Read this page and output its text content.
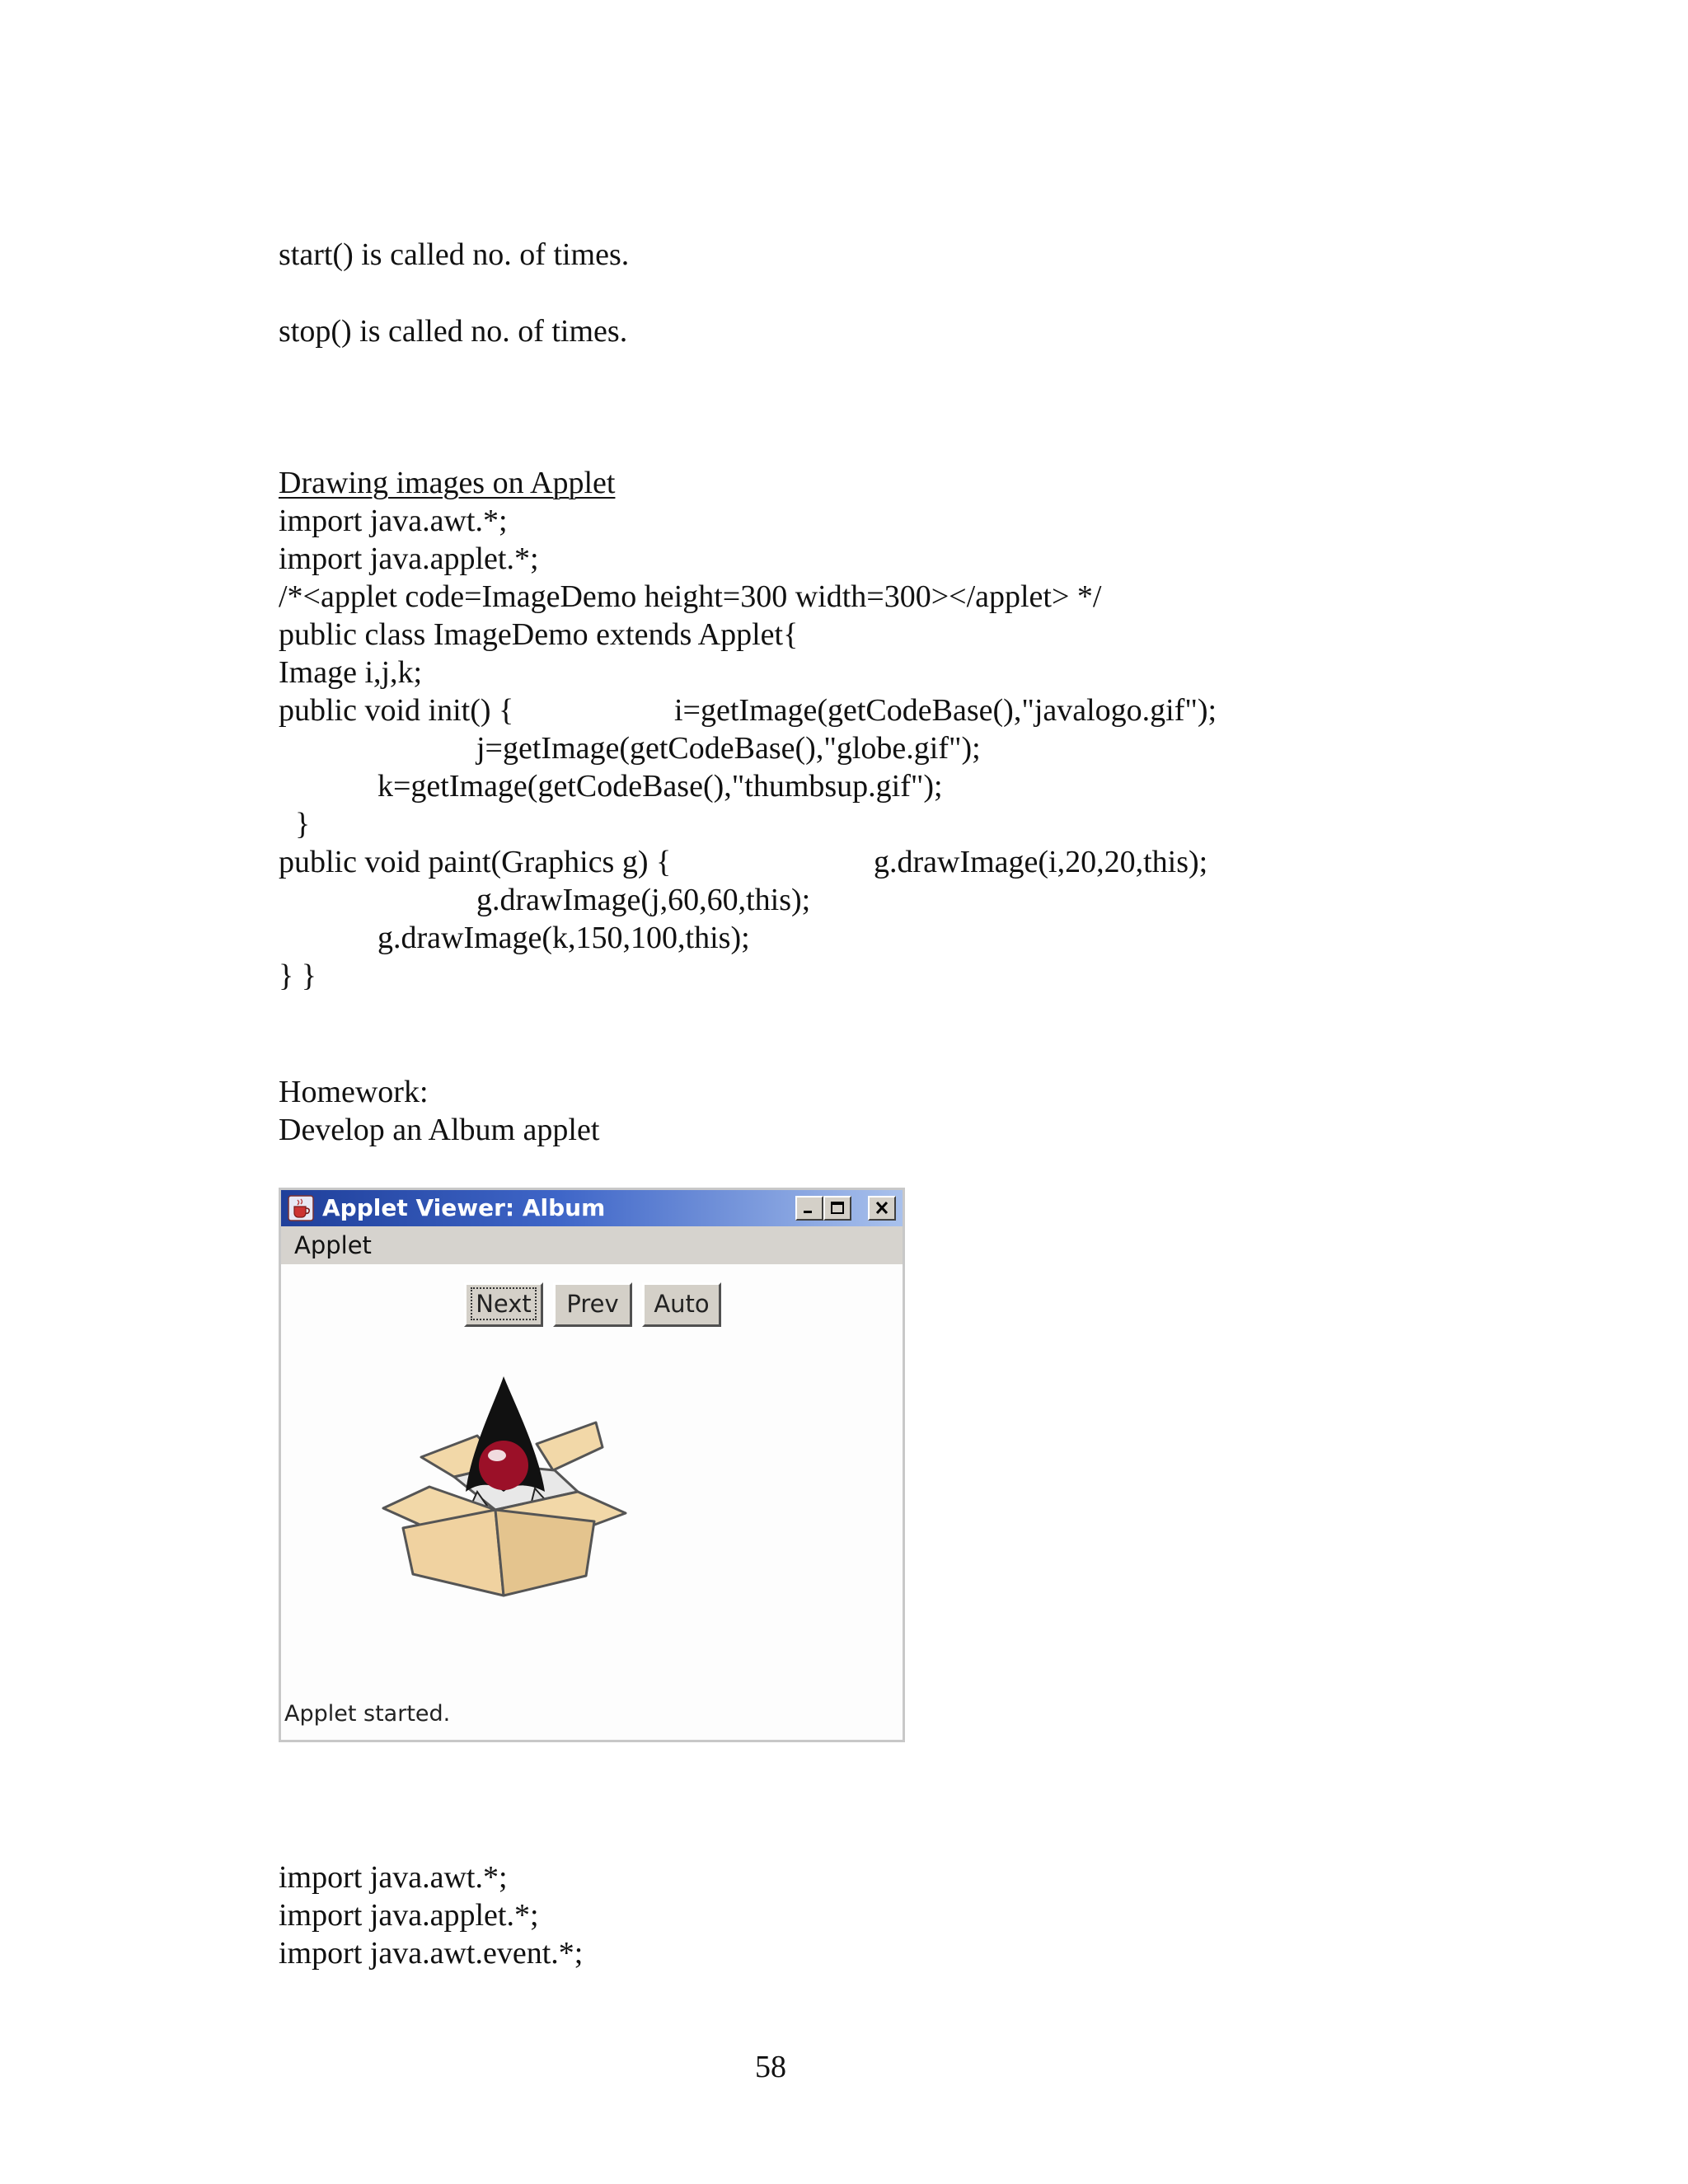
start() is called no. of times.

stop() is called no. of times.

Drawing images on Applet

import java.awt.*;

import java.applet.*;

/*<applet code=ImageDemo height=300 width=300></applet> */

public class ImageDemo extends Applet{

Image i,j,k;

public void init() {	i=getImage(getCodeBase(),"javalogo.gif");

j=getImage(getCodeBase(),"globe.gif");

k=getImage(getCodeBase(),"thumbsup.gif");

}

public void paint(Graphics g) {	g.drawImage(i,20,20,this);

g.drawImage(j,60,60,this);

g.drawImage(k,150,100,this);

} }

Homework:

Develop an Album applet

Applet Viewer: Album
Applet
Next	Prev	Auto
Applet started.

import java.awt.*;

import java.applet.*;

import java.awt.event.*;

58
